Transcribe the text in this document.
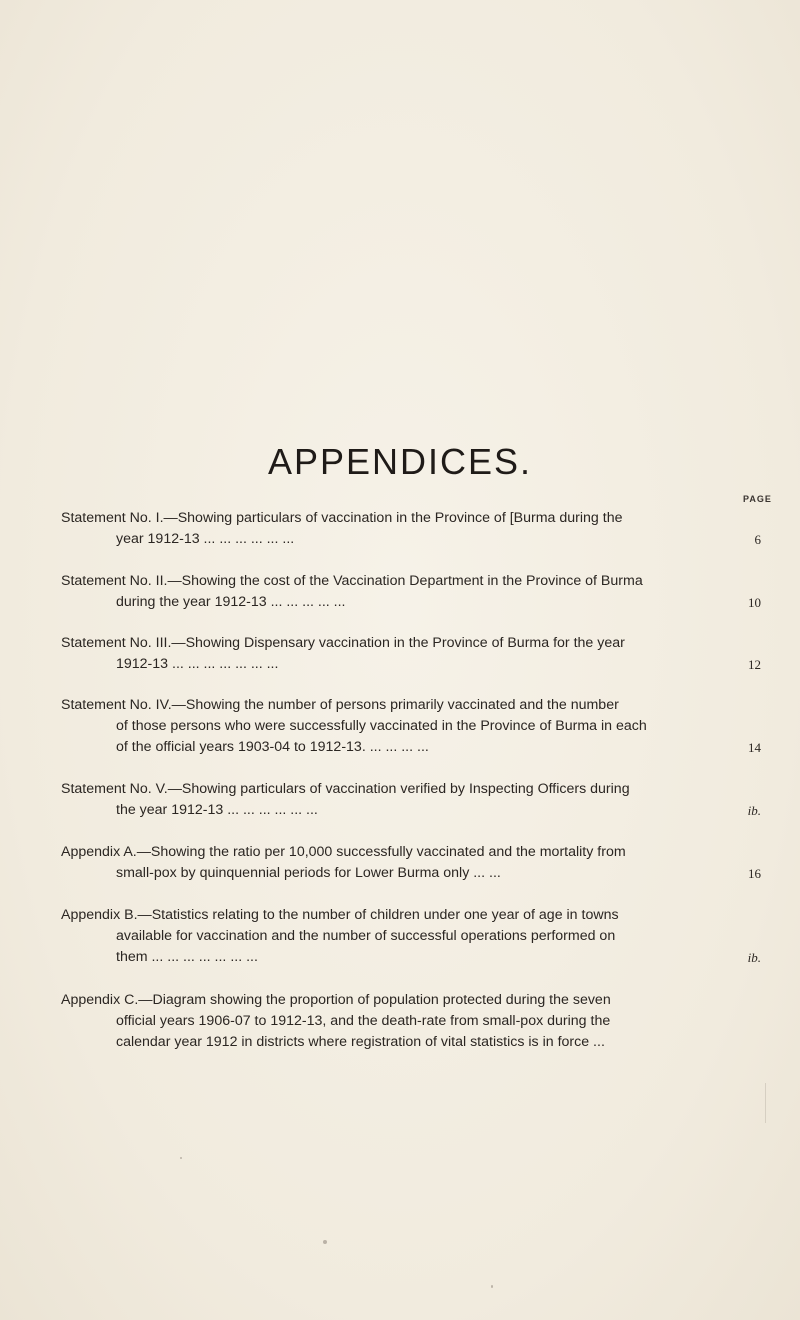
APPENDICES.
PAGE
Statement No. I.—Showing particulars of vaccination in the Province of [Burma during the
year 1912-13 ... ... ... ... ... ...	6
Statement No. II.—Showing the cost of the Vaccination Department in the Province of Burma
during the year 1912-13 ... ... ... ... ...	10
Statement No. III.—Showing Dispensary vaccination in the Province of Burma for the year
1912-13 ... ... ... ... ... ... ...	12
Statement No. IV.—Showing the number of persons primarily vaccinated and the number
of those persons who were successfully vaccinated in the Province of Burma in each
of the official years 1903-04 to 1912-13. ... ... ... ...	14
Statement No. V.—Showing particulars of vaccination verified by Inspecting Officers during
the year 1912-13 ... ... ... ... ... ...	ib.
Appendix A.—Showing the ratio per 10,000 successfully vaccinated and the mortality from
small-pox by quinquennial periods for Lower Burma only ... ...	16
Appendix B.—Statistics relating to the number of children under one year of age in towns
available for vaccination and the number of successful operations performed on
them ... ... ... ... ... ... ...	ib.
Appendix C.—Diagram showing the proportion of population protected during the seven
official years 1906-07 to 1912-13, and the death-rate from small-pox during the
calendar year 1912 in districts where registration of vital statistics is in force ...
